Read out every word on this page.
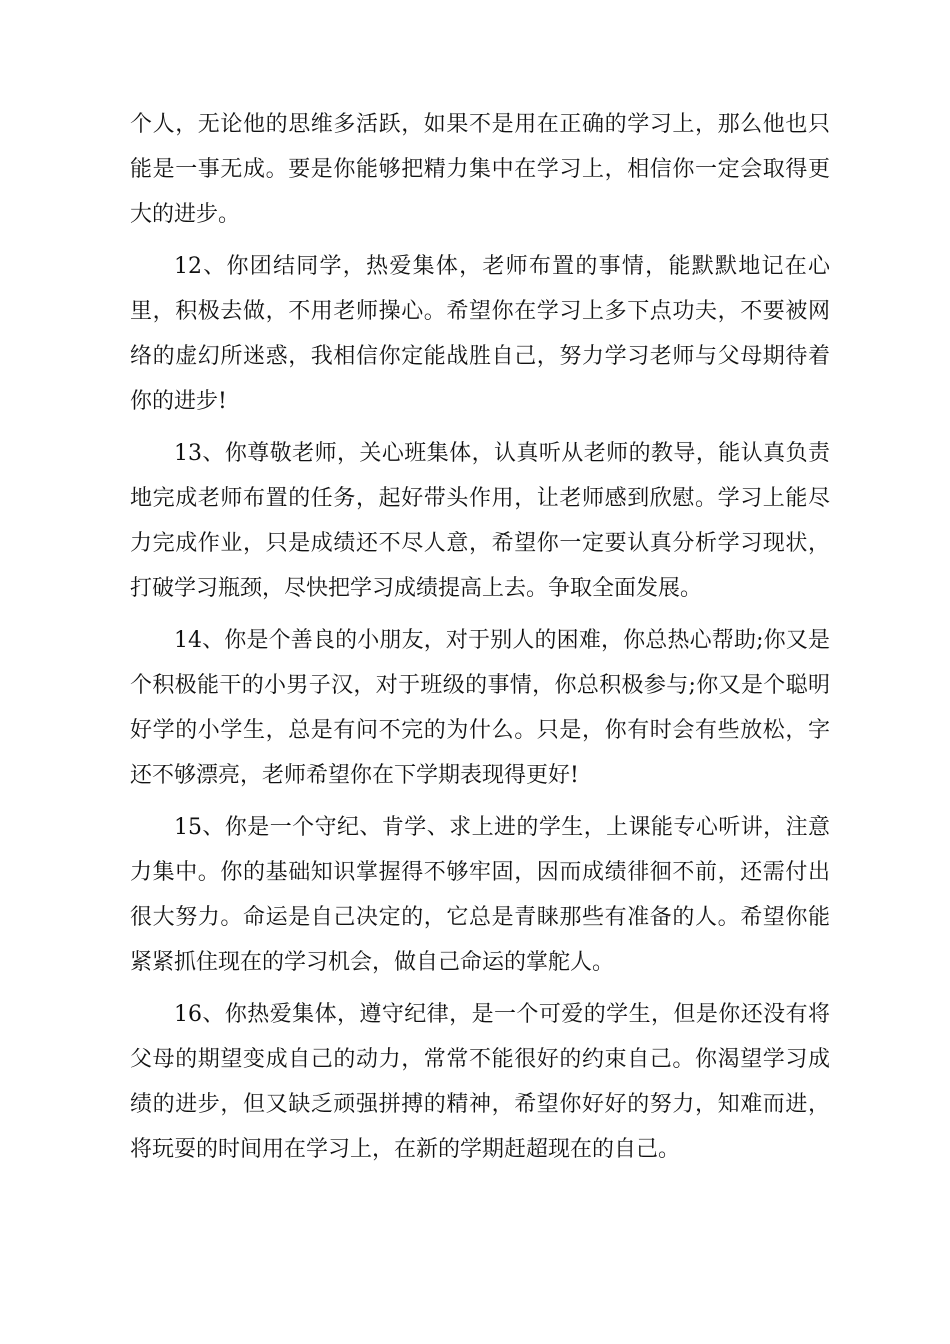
个人，无论他的思维多活跃，如果不是用在正确的学习上，那么他也只能是一事无成。要是你能够把精力集中在学习上，相信你一定会取得更大的进步。

12、你团结同学，热爱集体，老师布置的事情，能默默地记在心里，积极去做，不用老师操心。希望你在学习上多下点功夫，不要被网络的虚幻所迷惑，我相信你定能战胜自己，努力学习老师与父母期待着你的进步!

13、你尊敬老师，关心班集体，认真听从老师的教导，能认真负责地完成老师布置的任务，起好带头作用，让老师感到欣慰。学习上能尽力完成作业，只是成绩还不尽人意，希望你一定要认真分析学习现状，打破学习瓶颈，尽快把学习成绩提高上去。争取全面发展。

14、你是个善良的小朋友，对于别人的困难，你总热心帮助;你又是个积极能干的小男子汉，对于班级的事情，你总积极参与;你又是个聪明好学的小学生，总是有问不完的为什么。只是，你有时会有些放松，字还不够漂亮，老师希望你在下学期表现得更好!

15、你是一个守纪、肯学、求上进的学生，上课能专心听讲，注意力集中。你的基础知识掌握得不够牢固，因而成绩徘徊不前，还需付出很大努力。命运是自己决定的，它总是青睐那些有准备的人。希望你能紧紧抓住现在的学习机会，做自己命运的掌舵人。

16、你热爱集体，遵守纪律，是一个可爱的学生，但是你还没有将父母的期望变成自己的动力，常常不能很好的约束自己。你渴望学习成绩的进步，但又缺乏顽强拼搏的精神，希望你好好的努力，知难而进，将玩耍的时间用在学习上，在新的学期赶超现在的自己。
